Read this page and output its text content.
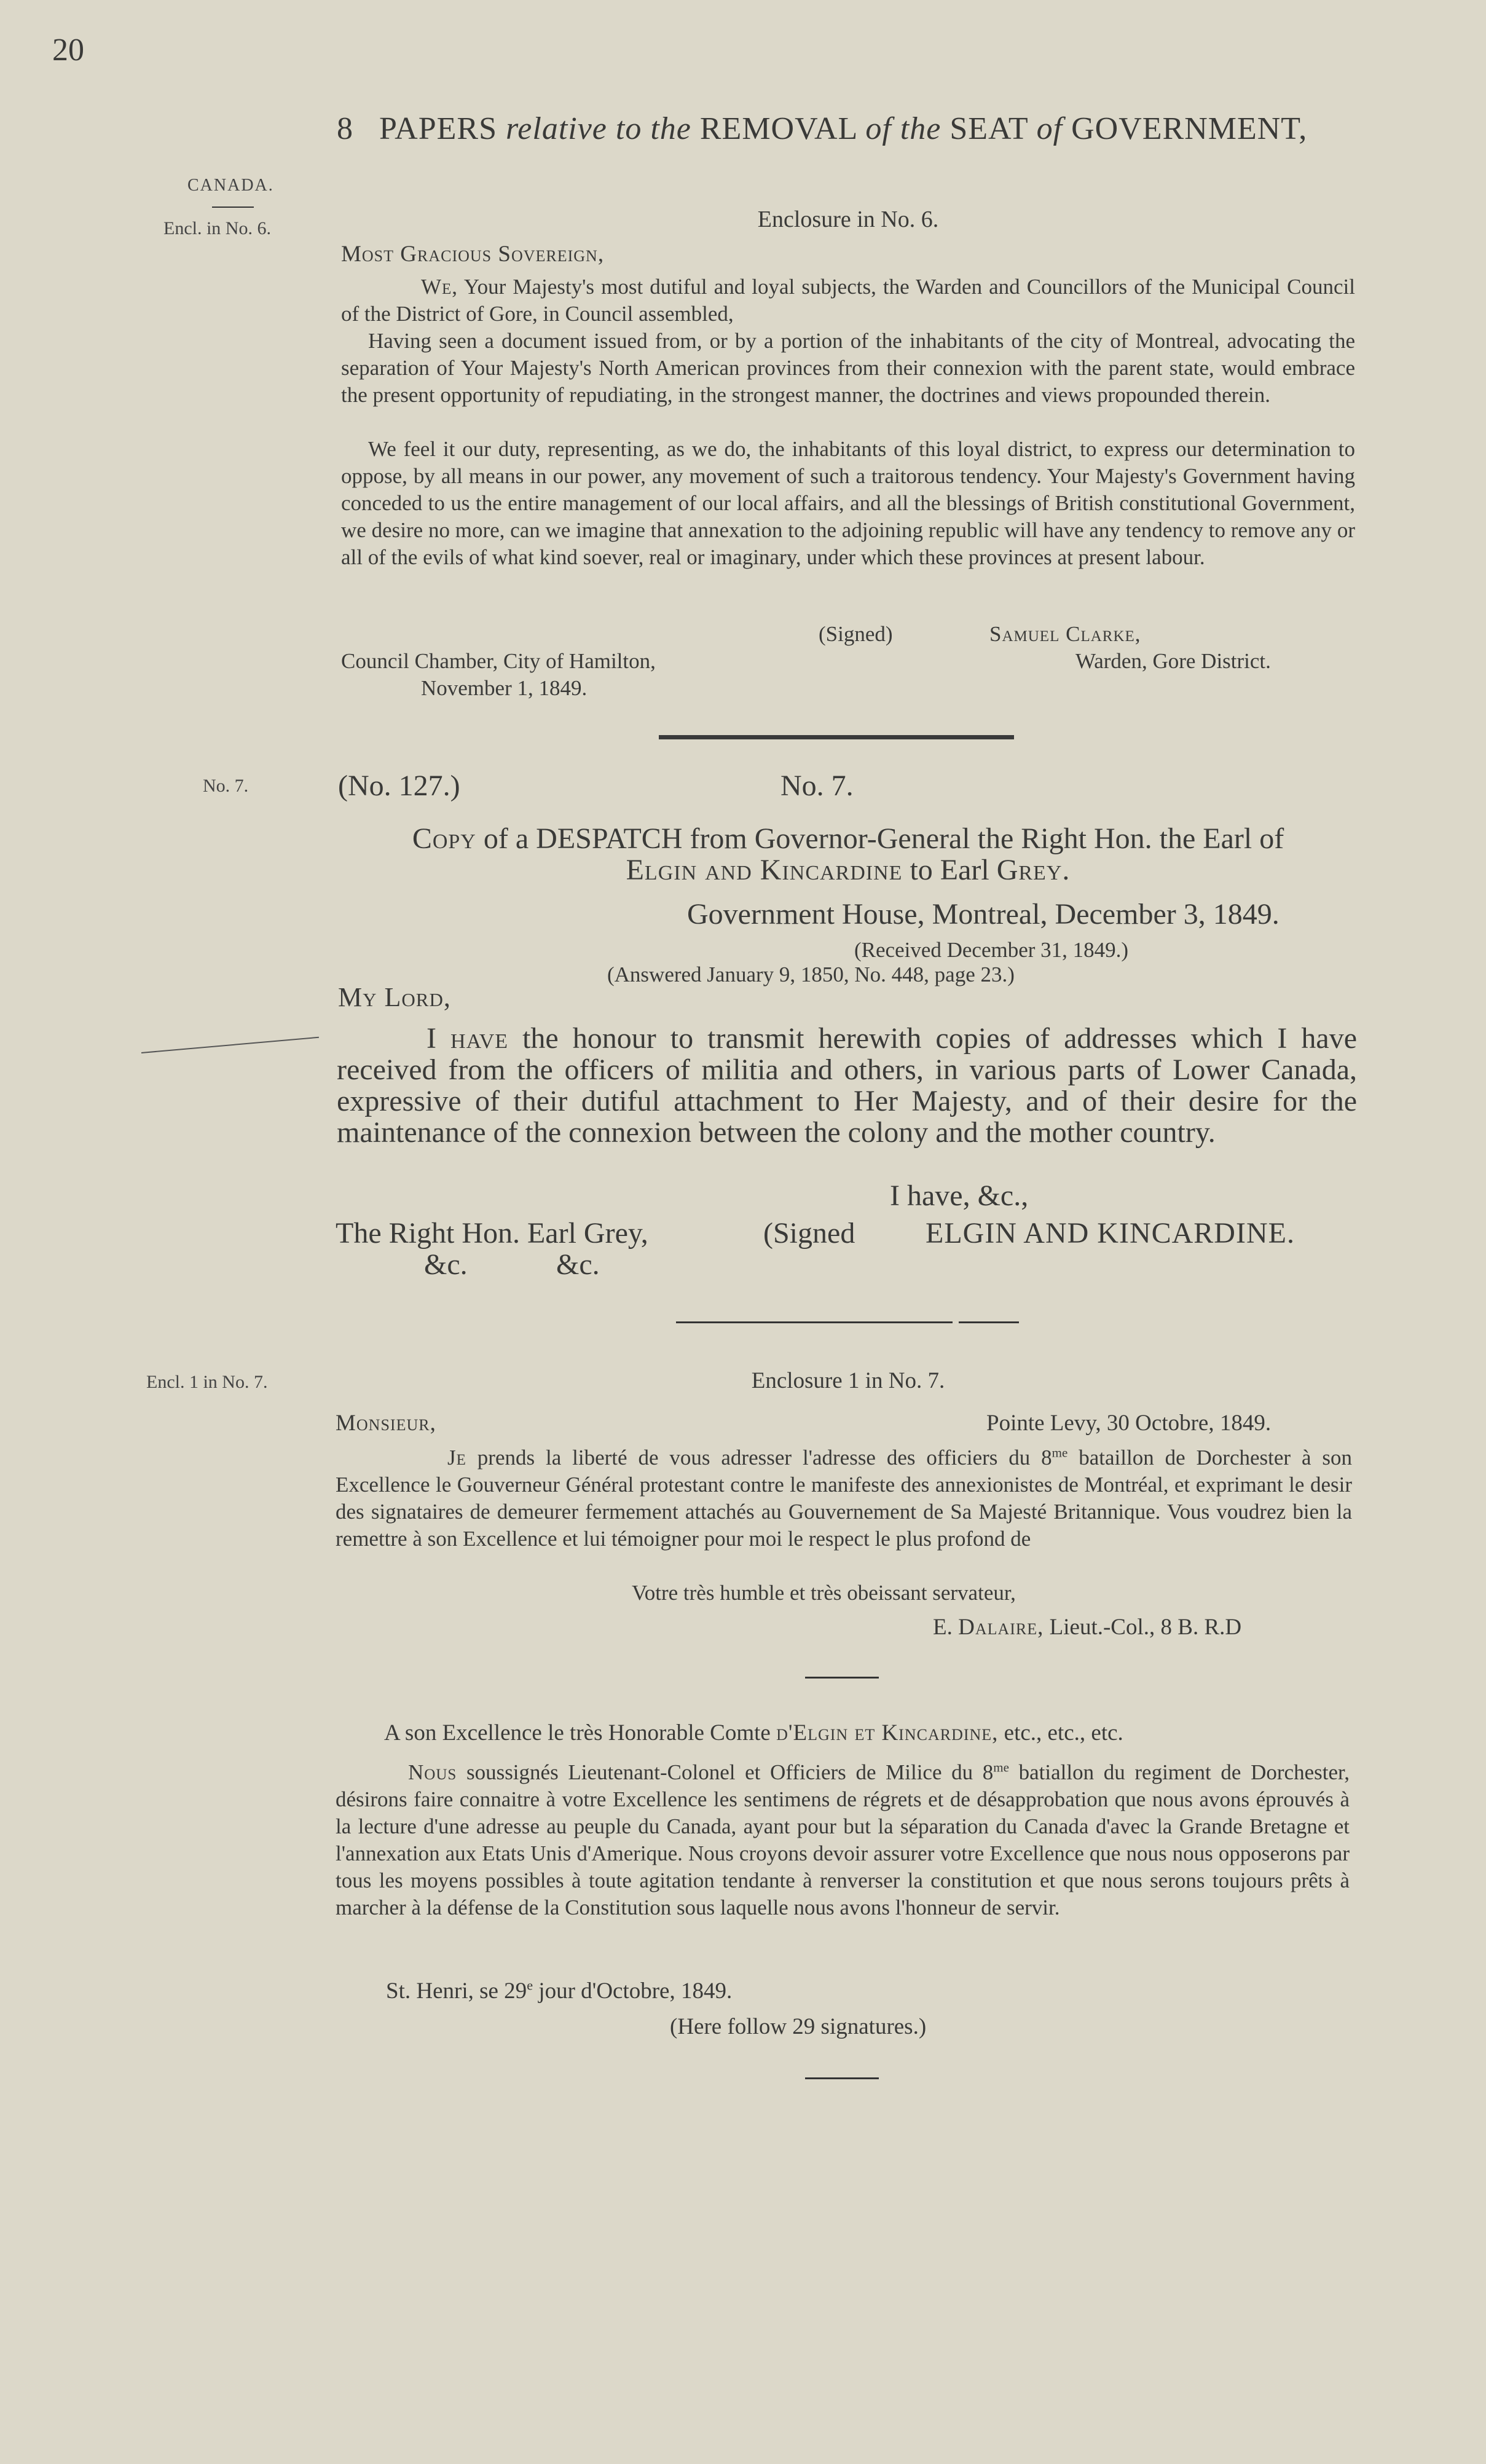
20
8 PAPERS relative to the REMOVAL of the SEAT of GOVERNMENT,
CANADA.
Encl. in No. 6.
No. 7.
Encl. 1 in No. 7.
Enclosure in No. 6.
Most Gracious Sovereign,
We, Your Majesty's most dutiful and loyal subjects, the Warden and Councillors of the Municipal Council of the District of Gore, in Council assembled,
Having seen a document issued from, or by a portion of the inhabitants of the city of Montreal, advocating the separation of Your Majesty's North American provinces from their connexion with the parent state, would embrace the present opportunity of repudiating, in the strongest manner, the doctrines and views propounded therein.
We feel it our duty, representing, as we do, the inhabitants of this loyal district, to express our determination to oppose, by all means in our power, any movement of such a traitorous tendency. Your Majesty's Government having conceded to us the entire management of our local affairs, and all the blessings of British constitutional Government, we desire no more, can we imagine that annexation to the adjoining republic will have any tendency to remove any or all of the evils of what kind soever, real or imaginary, under which these provinces at present labour.
(Signed)	Samuel Clarke,
Council Chamber, City of Hamilton,	Warden, Gore District.
November 1, 1849.
(No. 127.)	No. 7.
Copy of a DESPATCH from Governor-General the Right Hon. the Earl of
Elgin and Kincardine to Earl Grey.
Government House, Montreal, December 3, 1849.
(Received December 31, 1849.)
(Answered January 9, 1850, No. 448, page 23.)
My Lord,
I have the honour to transmit herewith copies of addresses which I have received from the officers of militia and others, in various parts of Lower Canada, expressive of their dutiful attachment to Her Majesty, and of their desire for the maintenance of the connexion between the colony and the mother country.
I have, &c.,
The Right Hon. Earl Grey,	(Signed ELGIN AND KINCARDINE.
&c.	&c.
Enclosure 1 in No. 7.
Monsieur,	Pointe Levy, 30 Octobre, 1849.
Je prends la liberté de vous adresser l'adresse des officiers du $8^{me}$ bataillon de Dorchester à son Excellence le Gouverneur Général protestant contre le manifeste des annexionistes de Montréal, et exprimant le desir des signataires de demeurer fermement attachés au Gouvernement de Sa Majesté Britannique. Vous voudrez bien la remettre à son Excellence et lui témoigner pour moi le respect le plus profond de
Votre très humble et très obeissant servateur,
E. Dalaire, Lieut.-Col., 8 B. R.D
A son Excellence le très Honorable Comte d'Elgin et Kincardine, etc., etc., etc.
Nous soussignés Lieutenant-Colonel et Officiers de Milice du $8^{me}$ batiallon du regiment de Dorchester, désirons faire connaitre à votre Excellence les sentimens de régrets et de désapprobation que nous avons éprouvés à la lecture d'une adresse au peuple du Canada, ayant pour but la séparation du Canada d'avec la Grande Bretagne et l'annexation aux Etats Unis d'Amerique. Nous croyons devoir assurer votre Excellence que nous nous opposerons par tous les moyens possibles à toute agitation tendante à renverser la constitution et que nous serons toujours prêts à marcher à la défense de la Constitution sous laquelle nous avons l'honneur de servir.
St. Henri, se 29e jour d'Octobre, 1849.
(Here follow 29 signatures.)
